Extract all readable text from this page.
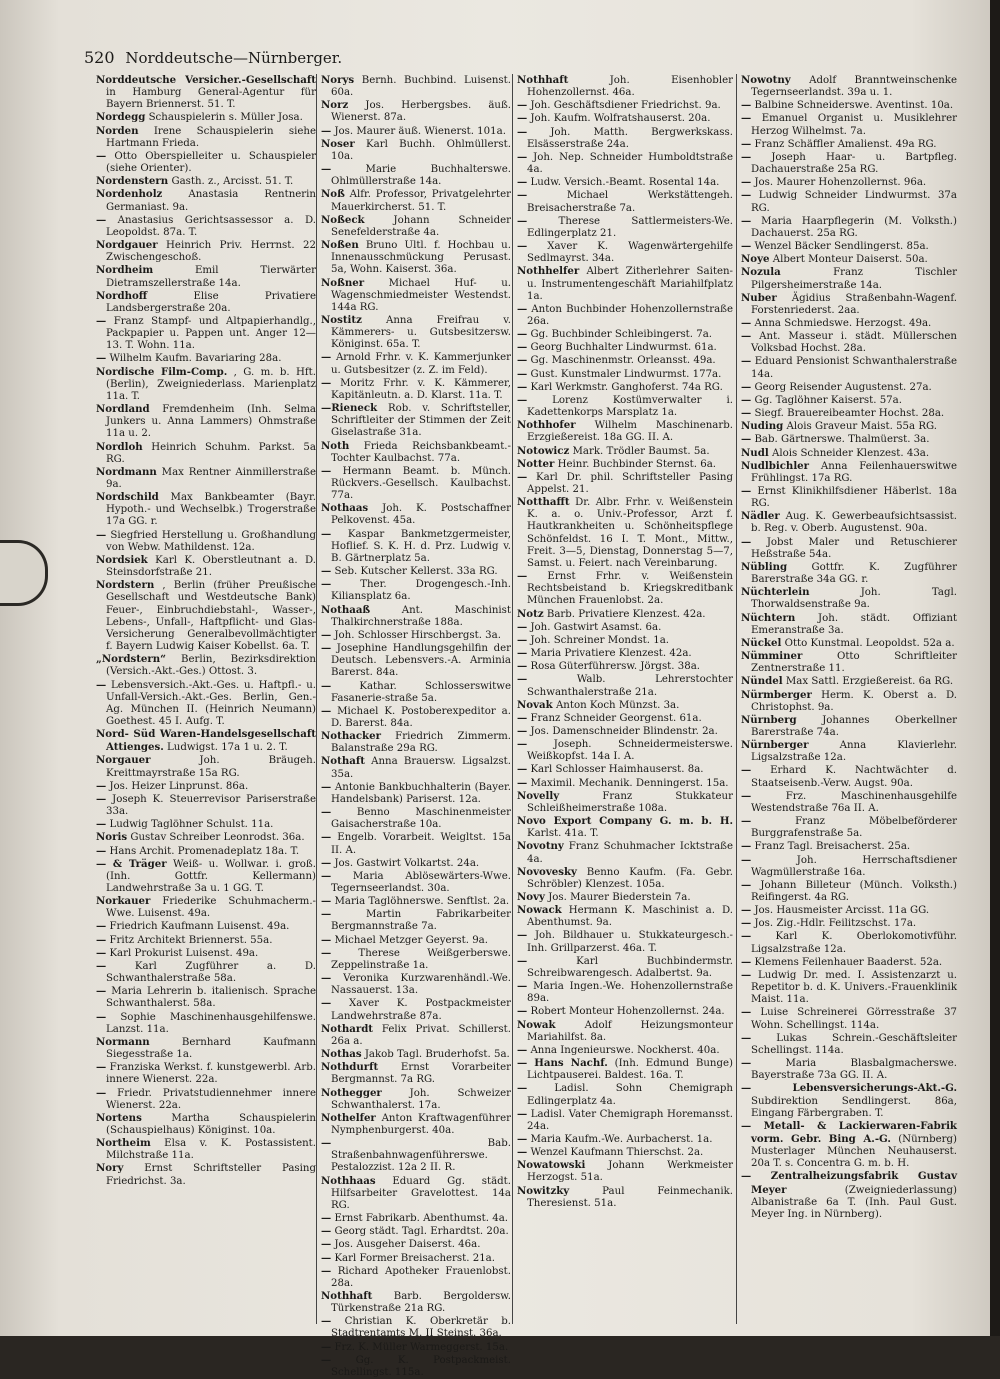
520 Norddeutsche—Nürnberger.

Norddeutsche Versicher.-Gesellschaft in Hamburg General-Agentur für Bayern Briennerst. 51. T.

Nordegg Schauspielerin s. Müller Josa.

Norden Irene Schauspielerin siehe Hartmann Frieda.

— Otto Oberspielleiter u. Schauspieler (siehe Orienter).

Nordenstern Gasth. z., Arcisst. 51. T.

Nordenholz	Anastasia Rentnerin Germaniast. 9a.

— Anastasius Gerichtsassessor a. D. Leopoldst. 87a. T.

Nordgauer Heinrich Priv. Herrnst. 22 Zwischengeschoß.

Nordheim	Emil Tierwärter Dietramszellerstraße 14a.

Nordhoff	Elise Privatiere Landsbergerstraße 20a.

— Franz Stampf- und Altpapierhandlg., Packpapier u. Pappen unt. Anger 12—13. T. Wohn. 11a.

— Wilhelm Kaufm. Bavariaring 28a.

Nordische Film-Comp. , G. m. b. Hft. (Berlin), Zweigniederlass. Marienplatz 11a. T.

Nordland Fremdenheim (Inh. Selma Junkers u. Anna Lammers) Ohmstraße 11a u. 2.

Nordloh Heinrich Schuhm. Parkst. 5a RG.

Nordmann Max Rentner Ainmillerstraße 9a.

Nordschild Max Bankbeamter (Bayr. Hypoth.- und Wechselbk.) Trogerstraße 17a GG. r.

— Siegfried Herstellung u. Großhandlung von Webw. Mathildenst. 12a.

Nordsiek Karl K. Oberstleutnant a. D. Steinsdorfstraße 21.

Nordstern , Berlin (früher Preußische Gesellschaft und Westdeutsche Bank) Feuer-, Einbruchdiebstahl-, Wasser-, Lebens-, Unfall-, Haftpflicht- und Glas-Versicherung Generalbevollmächtigter f. Bayern Ludwig Kaiser Kobellst. 6a. T.

„Nordstern“ Berlin, Bezirksdirektion (Versich.-Akt.-Ges.) Ottost. 3.

— Lebensversich.-Akt.-Ges. u. Haftpfl.- u. Unfall-Versich.-Akt.-Ges. Berlin, Gen.-Ag. München II. (Heinrich Neumann) Goethest. 45 I. Aufg. T.

Nord- Süd Waren-Handelsgesellschaft Attienges. Ludwigst. 17a 1 u. 2. T.

Norgauer	Joh. Bräugeh. Kreittmayrstraße 15a RG.

— Jos. Heizer Linprunst. 86a.

— Joseph K. Steuerrevisor Pariserstraße 33a.

— Ludwig Taglöhner Schulst. 11a.

Noris Gustav Schreiber Leonrodst. 36a.

— Hans Archit. Promenadeplatz 18a. T.

— & Träger Weiß- u. Wollwar. i. groß. (Inh. Gottfr. Kellermann) Landwehrstraße 3a u. 1 GG. T.

Norkauer Friederike Schuhmacherm.-Wwe. Luisenst. 49a.

— Friedrich Kaufmann Luisenst. 49a.

— Fritz Architekt Briennerst. 55a.

— Karl Prokurist Luisenst. 49a.

—	Karl Zugführer a. D. Schwanthalerstraße 58a.

— Maria Lehrerin b. italienisch. Sprache Schwanthalerst. 58a.

— Sophie Maschinenhausgehilfenswe. Lanzst. 11a.

Normann	Bernhard Kaufmann Siegesstraße 1a.

— Franziska Werkst. f. kunstgewerbl. Arb. innere Wienerst. 22a.

— Friedr. Privatstudiennehmer innere Wienerst. 22a.

Nortens	Martha Schauspielerin (Schauspielhaus) Königinst. 10a.

Northeim Elsa v. K. Postassistent. Milchstraße 11a.

Nory Ernst Schriftsteller Pasing Friedrichst. 3a.

Norys Bernh. Buchbind. Luisenst. 60a.

Norz Jos. Herbergsbes. äuß. Wienerst. 87a.

— Jos. Maurer äuß. Wienerst. 101a.

Noser Karl Buchh. Ohlmüllerst. 10a.

—	Marie Buchhalterswe. Ohlmüllerstraße 14a.

Noß Alfr. Professor, Privatgelehrter Mauerkircherst. 51. T.

Noßeck	Johann Schneider Senefelderstraße 4a.

Noßen Bruno Ultl. f. Hochbau u. Innenausschmückung Perusast. 5a, Wohn. Kaiserst. 36a.

Noßner Michael Huf- u. Wagenschmiedmeister Westendst. 144a RG.

Nostitz Anna Freifrau v. Kämmerers- u. Gutsbesitzersw. Königinst. 65a. T.

— Arnold Frhr. v. K. Kammerjunker u. Gutsbesitzer (z. Z. im Feld).

— Moritz Frhr. v. K. Kämmerer, Kapitänleutn. a. D. Klarst. 11a. T.

—Rieneck Rob. v. Schriftsteller, Schriftleiter der Stimmen der Zeit Giselastraße 31a.

Noth Frieda Reichsbankbeamt.-Tochter Kaulbachst. 77a.

— Hermann Beamt. b. Münch. Rückvers.-Gesellsch. Kaulbachst. 77a.

Nothaas Joh. K. Postschaffner Pelkovenst. 45a.

— Kaspar Bankmetzgermeister, Hoflief. S. K. H. d. Prz. Ludwig v. B. Gärtnerplatz 5a.

— Seb. Kutscher Kellerst. 33a RG.

—	Ther. Drogengesch.-Inh. Kiliansplatz 6a.

Nothaaß	Ant. Maschinist Thalkirchnerstraße 188a.

— Joh. Schlosser Hirschbergst. 3a.

— Josephine Handlungsgehilfin der Deutsch. Lebensvers.-A. Arminia Barerst. 84a.

—	Kathar. Schlosserswitwe Fasanerie-straße 5a.

— Michael K. Postoberexpeditor a. D. Barerst. 84a.

Nothacker Friedrich Zimmerm. Balanstraße 29a RG.

Nothaft Anna Brauersw. Ligsalzst. 35a.

— Antonie Bankbuchhalterin (Bayer. Handelsbank) Pariserst. 12a.

—	Benno Maschinenmeister Gaisacherstraße 10a.

— Engelb. Vorarbeit. Weigltst. 15a II. A.

— Jos. Gastwirt Volkartst. 24a.

— Maria Ablösewärters-Wwe. Tegernseerlandst. 30a.

— Maria Taglöhnerswe. Senftlst. 2a.

—	Martin Fabrikarbeiter Bergmannstraße 7a.

— Michael Metzger Geyerst. 9a.

—	Therese Weißgerberswe. Zeppelinstraße 1a.

— Veronika Kurzwarenhändl.-We. Nassauerst. 13a.

— Xaver K. Postpackmeister Landwehrstraße 87a.

Nothardt Felix Privat. Schillerst. 26a a.

Nothas Jakob Tagl. Bruderhofst. 5a.

Nothdurft Ernst Vorarbeiter Bergmannst. 7a RG.

Nothegger	Joh. Schweizer Schwanthalerst. 17a.

Nothelfer Anton Kraftwagenführer Nymphenburgerst. 40a.

—	Bab. Straßenbahnwagenführerswe. Pestalozzist. 12a 2 II. R.

Nothhaas Eduard Gg. städt. Hilfsarbeiter Gravelottest. 14a RG.

— Ernst Fabrikarb. Abenthumst. 4a.

— Georg städt. Tagl. Erhardtst. 20a.

— Jos. Ausgeher Daiserst. 46a.

— Karl Former Breisacherst. 21a.

— Richard Apotheker Frauenlobst. 28a.

Nothhaft Barb. Bergoldersw. Türkenstraße 21a RG.

— Christian K. Oberkretär b. Stadtrentamts M. II Steinst. 36a.

— Frz. K. Müller Warmeggerst. 15a.

— Gg. K. Postpackmeist. Schellingst. 115a.

Nothhaft	Joh. Eisenhobler Hohenzollernst. 46a.

— Joh. Geschäftsdiener Friedrichst. 9a.

— Joh. Kaufm. Wolfratshauserst. 20a.

— Joh. Matth. Bergwerkskass. Elsässerstraße 24a.

— Joh. Nep. Schneider Humboldtstraße 4a.

— Ludw. Versich.-Beamt. Rosental 14a.

—	Michael Werkstättengeh. Breisacherstraße 7a.

—	Therese Sattlermeisters-We. Edlingerplatz 21.

— Xaver K. Wagenwärtergehilfe Sedlmayrst. 34a.

Nothhelfer Albert Zitherlehrer Saiten- u. Instrumentengeschäft Mariahilfplatz 1a.

— Anton Buchbinder Hohenzollernstraße 26a.

— Gg. Buchbinder Schleibingerst. 7a.

— Georg Buchhalter Lindwurmst. 61a.

— Gg. Maschinenmstr. Orleansst. 49a.

— Gust. Kunstmaler Lindwurmst. 177a.

— Karl Werkmstr. Ganghoferst. 74a RG.

— Lorenz Kostümverwalter i. Kadettenkorps Marsplatz 1a.

Nothhofer Wilhelm Maschinenarb. Erzgießereist. 18a GG. II. A.

Notowicz Mark. Trödler Baumst. 5a.

Notter Heinr. Buchbinder Sternst. 6a.

— Karl Dr. phil. Schriftsteller Pasing Appelst. 21.

Notthafft Dr. Albr. Frhr. v. Weißenstein K. a. o. Univ.-Professor, Arzt f. Hautkrankheiten u. Schönheitspflege Schönfeldst. 16 I. T. Mont., Mittw., Freit. 3—5, Dienstag, Donnerstag 5—7, Samst. u. Feiert. nach Vereinbarung.

— Ernst Frhr. v. Weißenstein Rechtsbeistand b. Kriegskreditbank München Frauenlobst. 2a.

Notz Barb. Privatiere Klenzest. 42a.

— Joh. Gastwirt Asamst. 6a.

— Joh. Schreiner Mondst. 1a.

— Maria Privatiere Klenzest. 42a.

— Rosa Güterführersw. Jörgst. 38a.

—	Walb. Lehrerstochter Schwanthalerstraße 21a.

Novak Anton Koch Münzst. 3a.

— Franz Schneider Georgenst. 61a.

— Jos. Damenschneider Blindenstr. 2a.

—	Joseph. Schneidermeisterswe. Weißkopfst. 14a I. A.

— Karl Schlosser Haimhauserst. 8a.

— Maximil. Mechanik. Denningerst. 15a.

Novelly	Franz Stukkateur Schleißheimerstraße 108a.

Novo Export Company G. m. b. H. Karlst. 41a. T.

Novotny Franz Schuhmacher Icktstraße 4a.

Novovesky Benno Kaufm. (Fa. Gebr. Schröbler) Klenzest. 105a.

Novy Jos. Maurer Biederstein 7a.

Nowack Hermann K. Maschinist a. D. Abenthumst. 9a.

— Joh. Bildhauer u. Stukkateurgesch.-Inh. Grillparzerst. 46a. T.

—	Karl Buchbindermstr. Schreibwarengesch. Adalbertst. 9a.

— Maria Ingen.-We. Hohenzollernstraße 89a.

— Robert Monteur Hohenzollernst. 24a.

Nowak	Adolf Heizungsmonteur Mariahilfst. 8a.

— Anna Ingenieurswe. Nockherst. 40a.

— Hans Nachf. (Inh. Edmund Bunge) Lichtpauserei. Baldest. 16a. T.

—	Ladisl. Sohn Chemigraph Edlingerplatz 4a.

— Ladisl. Vater Chemigraph Horemansst. 24a.

— Maria Kaufm.-We. Aurbacherst. 1a.

— Wenzel Kaufmann Thierschst. 2a.

Nowatowski Johann Werkmeister Herzogst. 51a.

Nowitzky	Paul Feinmechanik. Theresienst. 51a.

Nowotny Adolf Branntweinschenke Tegernseerlandst. 39a u. 1.

— Balbine Schneiderswe. Aventinst. 10a.

— Emanuel Organist u. Musiklehrer Herzog Wilhelmst. 7a.

— Franz Schäffler Amalienst. 49a RG.

— Joseph Haar- u. Bartpfleg. Dachauerstraße 25a RG.

— Jos. Maurer Hohenzollernst. 96a.

— Ludwig Schneider Lindwurmst. 37a RG.

— Maria Haarpflegerin (M. Volksth.) Dachauerst. 25a RG.

— Wenzel Bäcker Sendlingerst. 85a.

Noye Albert Monteur Daiserst. 50a.

Nozula	Franz Tischler Pilgersheimerstraße 14a.

Nuber Ägidius Straßenbahn-Wagenf. Forstenriederst. 2aa.

— Anna Schmiedswe. Herzogst. 49a.

— Ant. Masseur i. städt. Müllerschen Volksbad Hochst. 28a.

— Eduard Pensionist Schwanthalerstraße 14a.

— Georg Reisender Augustenst. 27a.

— Gg. Taglöhner Kaiserst. 57a.

— Siegf. Brauereibeamter Hochst. 28a.

Nuding Alois Graveur Maist. 55a RG.

— Bab. Gärtnerswe. Thalmüerst. 3a.

Nudl Alois Schneider Klenzest. 43a.

Nudlbichler Anna Feilenhauerswitwe Frühlingst. 17a RG.

— Ernst Klinikhilfsdiener Häberlst. 18a RG.

Nädler Aug. K. Gewerbeaufsichtsassist. b. Reg. v. Oberb. Augustenst. 90a.

— Jobst Maler und Retuschierer Heßstraße 54a.

Nübling Gottfr. K. Zugführer Barerstraße 34a GG. r.

Nüchterlein	Joh. Tagl. Thorwaldsenstraße 9a.

Nüchtern Joh. städt. Offiziant Emeranstraße 3a.

Nückel Otto Kunstmal. Leopoldst. 52a a.

Nümminer	Otto Schriftleiter Zentnerstraße 11.

Nündel Max Sattl. Erzgießereist. 6a RG.

Nürmberger Herm. K. Oberst a. D. Christophst. 9a.

Nürnberg	Johannes Oberkellner Barerstraße 74a.

Nürnberger	Anna Klavierlehr. Ligsalzstraße 12a.

— Erhard K. Nachtwächter d. Staatseisenb.-Verw. Augst. 90a.

—	Frz. Maschinenhausgehilfe Westendstraße 76a II. A.

—	Franz Möbelbeförderer Burggrafenstraße 5a.

— Franz Tagl. Breisacherst. 25a.

—	Joh. Herrschaftsdiener Wagmüllerstraße 16a.

— Johann Billeteur (Münch. Volksth.) Reifingerst. 4a RG.

— Jos. Hausmeister Arcisst. 11a GG.

— Jos. Zig.-Hdlr. Feilitzschst. 17a.

— Karl K. Oberlokomotivführ. Ligsalzstraße 12a.

— Klemens Feilenhauer Baaderst. 52a.

— Ludwig Dr. med. I. Assistenzarzt u. Repetitor b. d. K. Univers.-Frauenklinik Maist. 11a.

— Luise Schreinerei Görresstraße 37 Wohn. Schellingst. 114a.

— Lukas Schrein.-Geschäftsleiter Schellingst. 114a.

—	Maria Blasbalgmacherswe. Bayerstraße 73a GG. II. A.

— Lebensversicherungs-Akt.-G. Subdirektion Sendlingerst. 86a, Eingang Färbergraben. T.

— Metall- & Lackierwaren-Fabrik vorm. Gebr. Bing A.-G. (Nürnberg) Musterlager München Neuhauserst. 20a T. s. Concentra G. m. b. H.

— Zentralheizungsfabrik Gustav Meyer	(Zweigniederlassung) Albanistraße 6a T. (Inh. Paul Gust. Meyer Ing. in Nürnberg).
